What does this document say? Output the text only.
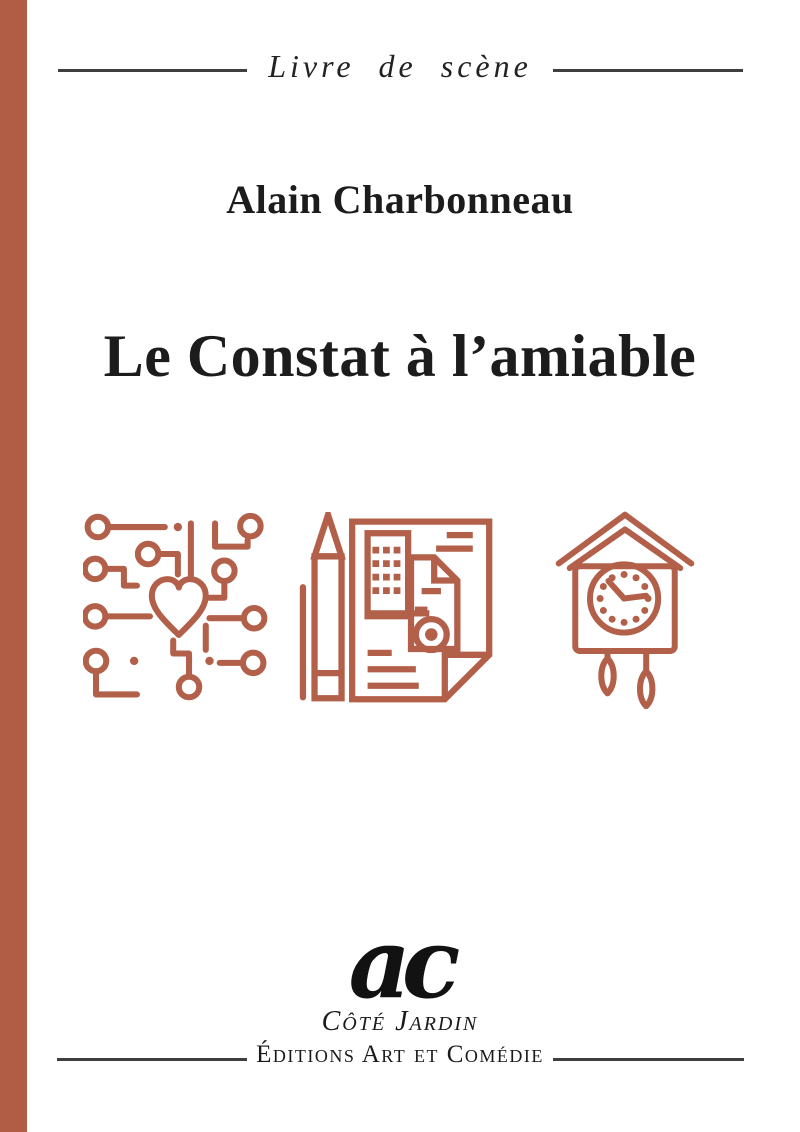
Livre de scène
Alain Charbonneau
Le Constat à l’amiable
ac
Côté Jardin
Éditions Art et Comédie
